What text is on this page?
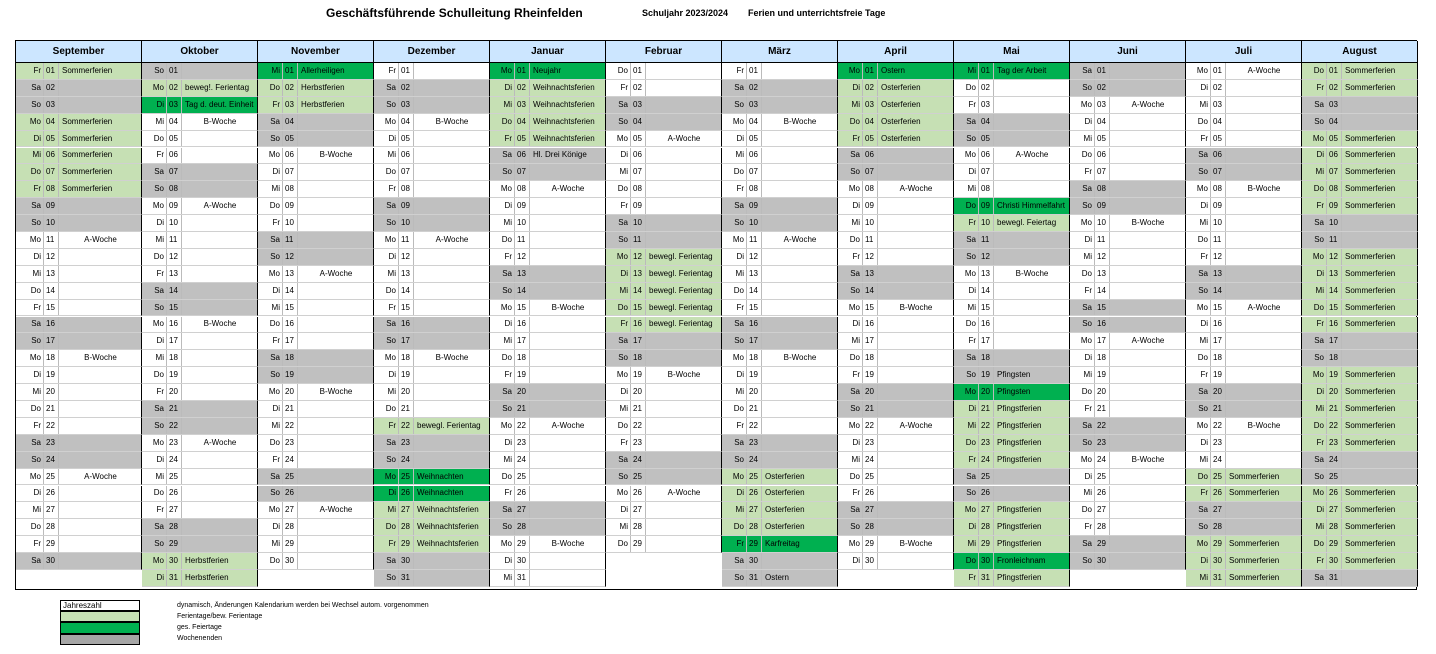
Geschäftsführende Schulleitung Rheinfelden	Schuljahr 2023/2024 Ferien und unterrichtsfreie Tage
September
Fr 01 Sommerferien
Sa 02
So 03
Mo 04 Sommerferien
Di 05 Sommerferien
Mi 06 Sommerferien
Do 07 Sommerferien
Fr 08 Sommerferien
Sa 09
So 10
Mo 11	A-Woche
Di 12
Mi 13
Do 14
Fr 15
Sa 16
So 17
Mo 18	B-Woche
Di 19
Mi 20
Do 21
Fr 22
Sa 23
So 24
Mo 25	A-Woche
Di 26
Mi 27
Do 28
Fr 29
Sa 30
Oktober
So 01
Mo 02 beweg!. Ferientag
Di 03 Tag d. deut. Einheit
Mi 04	B-Woche
Do 05
Fr 06
Sa 07
So 08
Mo 09	A-Woche
Di 10
Mi 11
Do 12
Fr 13
Sa 14
So 15
Mo 16	B-Woche
Di 17
Mi 18
Do 19
Fr 20
Sa 21
So 22
Mo 23	A-Woche
Di 24
Mi 25
Do 26
Fr 27
Sa 28
So 29
Mo 30 Herbstferien
Di 31 Herbstferien
November
Mi 01 Allerheiligen
Do 02 Herbstferien
Fr 03 Herbstferien
Sa 04
So 05
Mo 06	B-Woche
Di 07
Mi 08
Do 09
Fr 10
Sa 11
So 12
Mo 13	A-Woche
Di 14
Mi 15
Do 16
Fr 17
Sa 18
So 19
Mo 20	B-Woche
Di 21
Mi 22
Do 23
Fr 24
Sa 25
So 26
Mo 27	A-Woche
Di 28
Mi 29
Do 30
Dezember
Fr 01
Sa 02
So 03
Mo 04	B-Woche
Di 05
Mi 06
Do 07
Fr 08
Sa 09
So 10
Mo 11	A-Woche
Di 12
Mi 13
Do 14
Fr 15
Sa 16
So 17
Mo 18	B-Woche
Di 19
Mi 20
Do 21
Fr 22 bewegl. Ferientag
Sa 23
So 24
Mo 25 Weihnachten
Di 26 Weihnachten
Mi 27 Weihnachtsferien
Do 28 Weihnachtsferien
Fr 29 Weihnachtsferien
Sa 30
So 31
Januar
Mo 01 Neujahr
Di 02 Weihnachtsferien
Mi 03 Weihnachtsferien
Do 04 Weihnachtsferien
Fr 05 Weihnachtsferien
Sa 06 Hl. Drei Könige
So 07
Mo 08	A-Woche
Di 09
Mi 10
Do 11
Fr 12
Sa 13
So 14
Mo 15	B-Woche
Di 16
Mi 17
Do 18
Fr 19
Sa 20
So 21
Mo 22	A-Woche
Di 23
Mi 24
Do 25
Fr 26
Sa 27
So 28
Mo 29	B-Woche
Di 30
Mi 31
Februar
Do 01
Fr 02
Sa 03
So 04
Mo 05	A-Woche
Di 06
Mi 07
Do 08
Fr 09
Sa 10
So 11
Mo 12 bewegl. Ferientag
Di 13 bewegl. Ferientag
Mi 14 bewegl. Ferientag
Do 15 bewegl. Ferientag
Fr 16 bewegl. Ferientag
Sa 17
So 18
Mo 19	B-Woche
Di 20
Mi 21
Do 22
Fr 23
Sa 24
So 25
Mo 26	A-Woche
Di 27
Mi 28
Do 29
März
Fr 01
Sa 02
So 03
Mo 04	B-Woche
Di 05
Mi 06
Do 07
Fr 08
Sa 09
So 10
Mo 11	A-Woche
Di 12
Mi 13
Do 14
Fr 15
Sa 16
So 17
Mo 18	B-Woche
Di 19
Mi 20
Do 21
Fr 22
Sa 23
So 24
Mo 25 Osterferien
Di 26 Osterferien
Mi 27 Osterferien
Do 28 Osterferien
Fr 29 Karfreitag
Sa 30
So 31 Ostern
April
Mo 01 Ostern
Di 02 Osterferien
Mi 03 Osterferien
Do 04 Osterferien
Fr 05 Osterferien
Sa 06
So 07
Mo 08	A-Woche
Di 09
Mi 10
Do 11
Fr 12
Sa 13
So 14
Mo 15	B-Woche
Di 16
Mi 17
Do 18
Fr 19
Sa 20
So 21
Mo 22	A-Woche
Di 23
Mi 24
Do 25
Fr 26
Sa 27
So 28
Mo 29	B-Woche
Di 30
Mai
Mi 01 Tag der Arbeit
Do 02
Fr 03
Sa 04
So 05
Mo 06	A-Woche
Di 07
Mi 08
Do 09 Christi Himmelfahrt
Fr 10 bewegl. Feiertag
Sa 11
So 12
Mo 13	B-Woche
Di 14
Mi 15
Do 16
Fr 17
Sa 18
So 19 Pfingsten
Mo 20 Pfingsten
Di 21 Pfingstferien
Mi 22 Pfingstferien
Do 23 Pfingstferien
Fr 24 Pfingstferien
Sa 25
So 26
Mo 27 Pfingstferien
Di 28 Pfingstferien
Mi 29 Pfingstferien
Do 30 Fronleichnam
Fr 31 Pfingstferien
Juni
Sa 01
So 02
Mo 03	A-Woche
Di 04
Mi 05
Do 06
Fr 07
Sa 08
So 09
Mo 10	B-Woche
Di 11
Mi 12
Do 13
Fr 14
Sa 15
So 16
Mo 17	A-Woche
Di 18
Mi 19
Do 20
Fr 21
Sa 22
So 23
Mo 24	B-Woche
Di 25
Mi 26
Do 27
Fr 28
Sa 29
So 30
Juli
Mo 01	A-Woche
Di 02
Mi 03
Do 04
Fr 05
Sa 06
So 07
Mo 08	B-Woche
Di 09
Mi 10
Do 11
Fr 12
Sa 13
So 14
Mo 15	A-Woche
Di 16
Mi 17
Do 18
Fr 19
Sa 20
So 21
Mo 22	B-Woche
Di 23
Mi 24
Do 25 Sommerferien
Fr 26 Sommerferien
Sa 27
So 28
Mo 29 Sommerferien
Di 30 Sommerferien
Mi 31 Sommerferien
August
Do 01 Sommerferien
Fr 02 Sommerferien
Sa 03
So 04
Mo 05 Sommerferien
Di 06 Sommerferien
Mi 07 Sommerferien
Do 08 Sommerferien
Fr 09 Sommerferien
Sa 10
So 11
Mo 12 Sommerferien
Di 13 Sommerferien
Mi 14 Sommerferien
Do 15 Sommerferien
Fr 16 Sommerferien
Sa 17
So 18
Mo 19 Sommerferien
Di 20 Sommerferien
Mi 21 Sommerferien
Do 22 Sommerferien
Fr 23 Sommerferien
Sa 24
So 25
Mo 26 Sommerferien
Di 27 Sommerferien
Mi 28 Sommerferien
Do 29 Sommerferien
Fr 30 Sommerferien
Sa 31
Jahreszahl	dynamisch, Änderungen Kalendarium werden bei Wechsel autom. vorgenommen
Ferientage/bew. Ferientage
ges. Feiertage
Wochenenden
